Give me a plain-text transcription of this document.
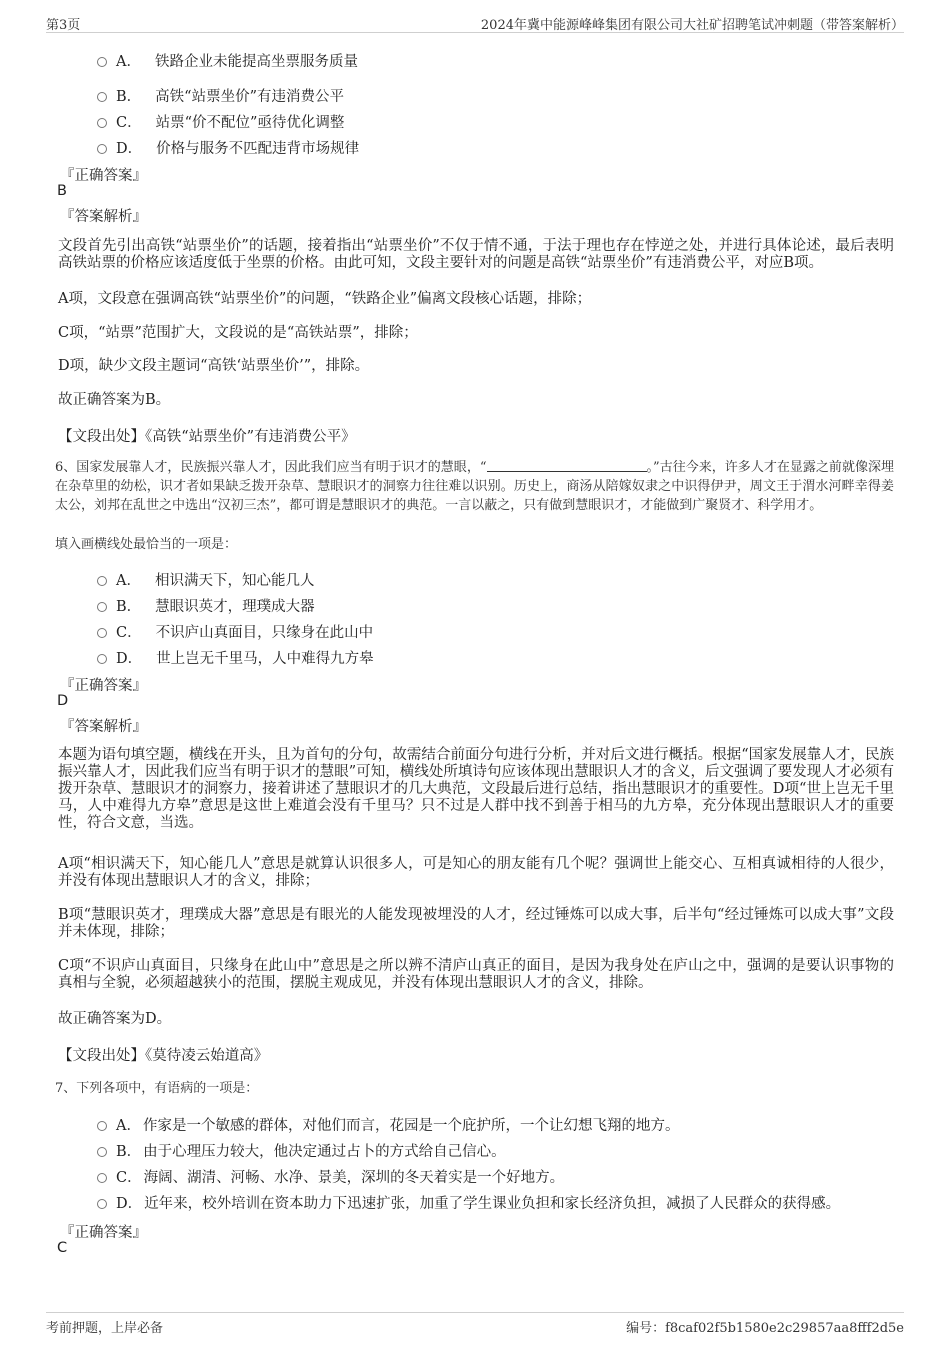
第3页	2024年冀中能源峰峰集团有限公司大社矿招聘笔试冲刺题（带答案解析）
A． 铁路企业未能提高坐票服务质量
B． 高铁“站票坐价”有违消费公平
C． 站票“价不配位”亟待优化调整
D． 价格与服务不匹配违背市场规律
『正确答案』
B
『答案解析』
文段首先引出高铁“站票坐价”的话题，接着指出“站票坐价”不仅于情不通，于法于理也存在悖逆之处，并进行具体论述，最后表明高铁站票的价格应该适度低于坐票的价格。由此可知，文段主要针对的问题是高铁“站票坐价”有违消费公平，对应B项。
A项，文段意在强调高铁“站票坐价”的问题，“铁路企业”偏离文段核心话题，排除；
C项，“站票”范围扩大，文段说的是“高铁站票”，排除；
D项，缺少文段主题词“高铁‘站票坐价’”，排除。
故正确答案为B。
【文段出处】《高铁“站票坐价”有违消费公平》
6、国家发展靠人才，民族振兴靠人才，因此我们应当有明于识才的慧眼，“	。”古往今来，许多人才在显露之前就像深埋在杂草里的幼松，识才者如果缺乏拨开杂草、慧眼识才的洞察力往往难以识别。历史上，商汤从陪嫁奴隶之中识得伊尹，周文王于渭水河畔幸得姜太公，刘邦在乱世之中选出“汉初三杰”，都可谓是慧眼识才的典范。一言以蔽之，只有做到慧眼识才，才能做到广聚贤才、科学用才。
填入画横线处最恰当的一项是：
A． 相识满天下，知心能几人
B． 慧眼识英才，理璞成大器
C． 不识庐山真面目，只缘身在此山中
D． 世上岂无千里马，人中难得九方皋
『正确答案』
D
『答案解析』
本题为语句填空题，横线在开头，且为首句的分句，故需结合前面分句进行分析，并对后文进行概括。根据“国家发展靠人才，民族振兴靠人才，因此我们应当有明于识才的慧眼”可知，横线处所填诗句应该体现出慧眼识人才的含义，后文强调了要发现人才必须有拨开杂草、慧眼识才的洞察力，接着讲述了慧眼识才的几大典范，文段最后进行总结，指出慧眼识才的重要性。D项“世上岂无千里马，人中难得九方皋”意思是这世上难道会没有千里马？只不过是人群中找不到善于相马的九方皋，充分体现出慧眼识人才的重要性，符合文意，当选。
A项“相识满天下，知心能几人”意思是就算认识很多人，可是知心的朋友能有几个呢？强调世上能交心、互相真诚相待的人很少，并没有体现出慧眼识人才的含义，排除；
B项“慧眼识英才，理璞成大器”意思是有眼光的人能发现被埋没的人才，经过锤炼可以成大事，后半句“经过锤炼可以成大事”文段并未体现，排除；
C项“不识庐山真面目，只缘身在此山中”意思是之所以辨不清庐山真正的面目，是因为我身处在庐山之中，强调的是要认识事物的真相与全貌，必须超越狭小的范围，摆脱主观成见，并没有体现出慧眼识人才的含义，排除。
故正确答案为D。
【文段出处】《莫待凌云始道高》
7、下列各项中，有语病的一项是：
A． 作家是一个敏感的群体，对他们而言，花园是一个庇护所，一个让幻想飞翔的地方。
B． 由于心理压力较大，他决定通过占卜的方式给自己信心。
C． 海阔、湖清、河畅、水净、景美，深圳的冬天着实是一个好地方。
D． 近年来，校外培训在资本助力下迅速扩张，加重了学生课业负担和家长经济负担，减损了人民群众的获得感。
『正确答案』
C
考前押题，上岸必备	编号：f8caf02f5b1580e2c29857aa8fff2d5e
